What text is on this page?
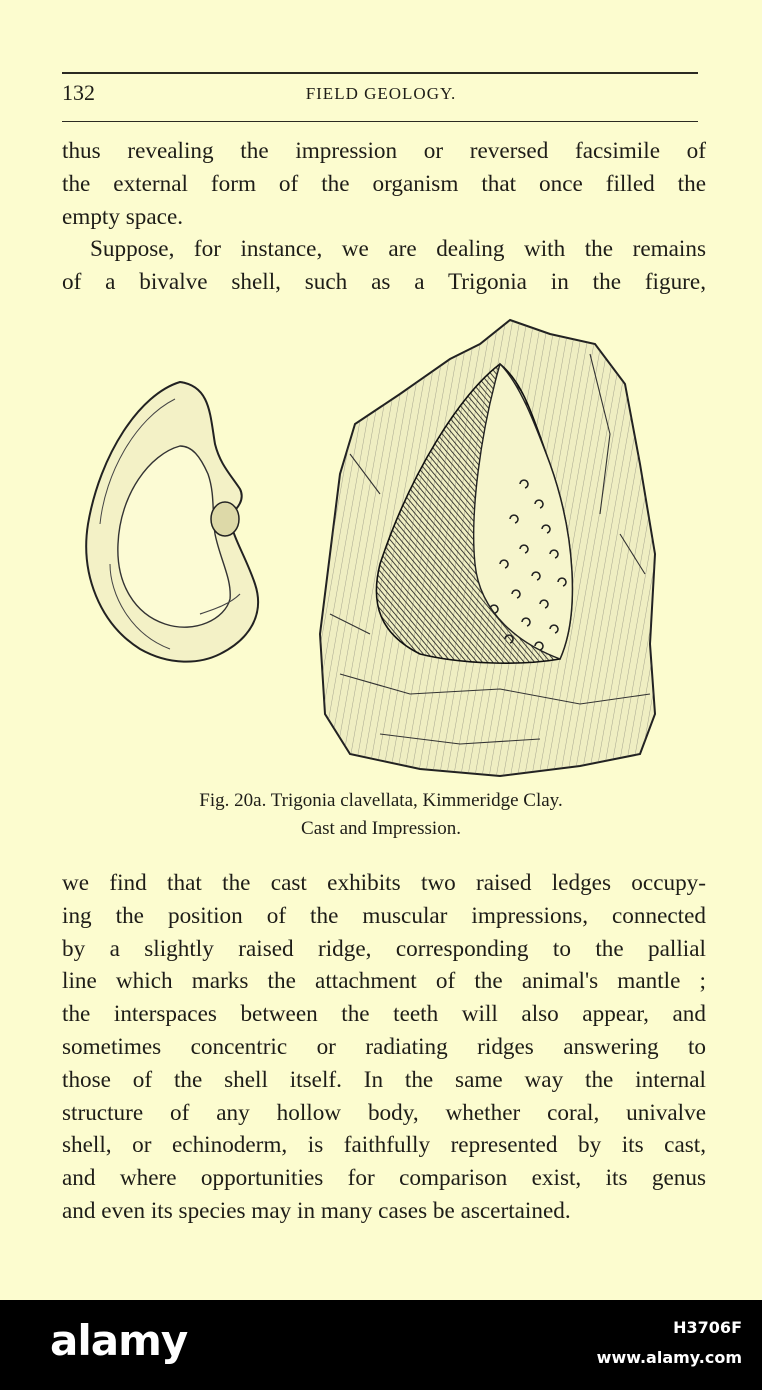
132	FIELD GEOLOGY.
thus revealing the impression or reversed facsimile of
the external form of the organism that once filled the
empty space.
Suppose, for instance, we are dealing with the remains
of a bivalve shell, such as a Trigonia in the figure,
Fig. 20a. Trigonia clavellata, Kimmeridge Clay.
Cast and Impression.
we find that the cast exhibits two raised ledges occupy-
ing the position of the muscular impressions, connected
by a slightly raised ridge, corresponding to the pallial
line which marks the attachment of the animal's mantle ;
the interspaces between the teeth will also appear, and
sometimes concentric or radiating ridges answering to
those of the shell itself. In the same way the internal
structure of any hollow body, whether coral, univalve
shell, or echinoderm, is faithfully represented by its cast,
and where opportunities for comparison exist, its genus
and even its species may in many cases be ascertained.
alamy	H3706F
www.alamy.com
